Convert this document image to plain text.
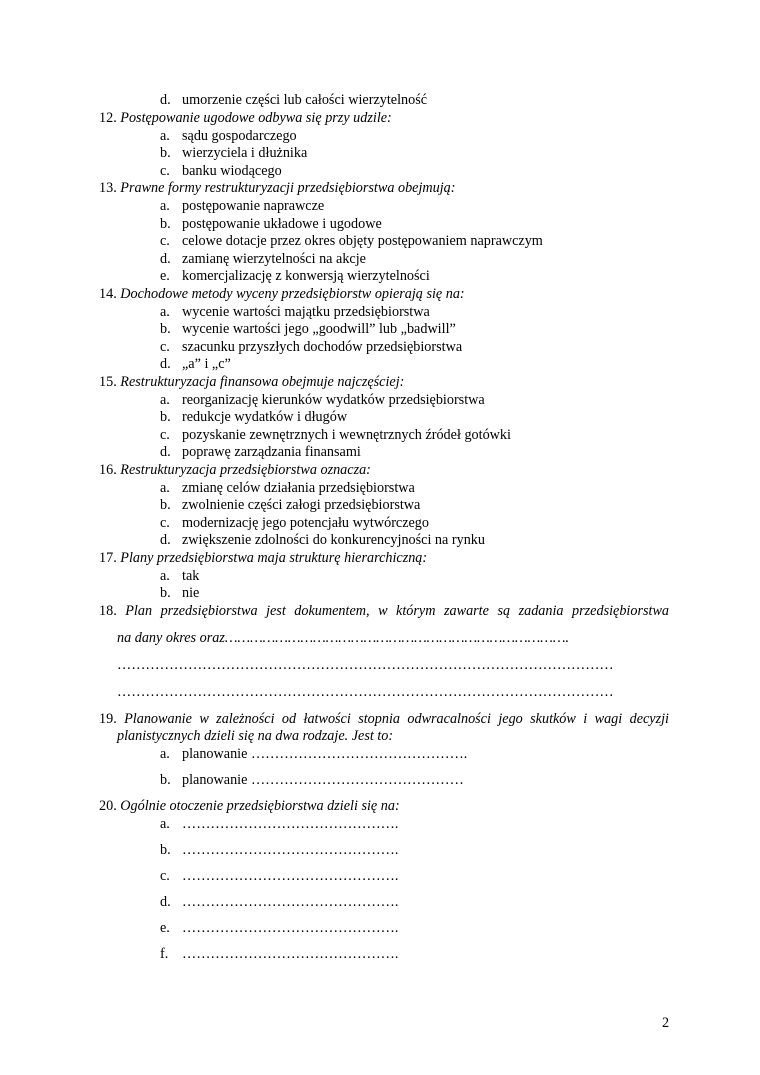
d. umorzenie części lub całości wierzytelność
12. Postępowanie ugodowe odbywa się przy udzile:
a. sądu gospodarczego
b. wierzyciela i dłużnika
c. banku wiodącego
13. Prawne formy restrukturyzacji przedsiębiorstwa obejmują:
a. postępowanie naprawcze
b. postępowanie układowe i ugodowe
c. celowe dotacje przez okres objęty postępowaniem naprawczym
d. zamianę wierzytelności na akcje
e. komercjalizację z konwersją wierzytelności
14. Dochodowe metody wyceny przedsiębiorstw opierają się na:
a. wycenie wartości majątku przedsiębiorstwa
b. wycenie wartości jego „goodwill” lub „badwill”
c. szacunku przyszłych dochodów przedsiębiorstwa
d. „a” i „c”
15. Restrukturyzacja finansowa obejmuje najczęściej:
a. reorganizację kierunków wydatków przedsiębiorstwa
b. redukcje wydatków i długów
c. pozyskanie zewnętrznych i wewnętrznych źródeł gotówki
d. poprawę zarządzania finansami
16. Restrukturyzacja przedsiębiorstwa oznacza:
a. zmianę celów działania przedsiębiorstwa
b. zwolnienie części załogi przedsiębiorstwa
c. modernizację jego potencjału wytwórczego
d. zwiększenie zdolności do konkurencyjności na rynku
17. Plany przedsiębiorstwa maja strukturę hierarchiczną:
a. tak
b. nie
18. Plan przedsiębiorstwa jest dokumentem, w którym zawarte są zadania przedsiębiorstwa
na dany okres oraz……………………………………………………………………….
……………………………………………………………………………………………
……………………………………………………………………………………………
19. Planowanie w zależności od łatwości stopnia odwracalności jego skutków i wagi decyzji
planistycznych dzieli się na dwa rodzaje. Jest to:
a. planowanie ……………………………………….
b. planowanie ………………………………………
20. Ogólnie otoczenie przedsiębiorstwa dzieli się na:
a. ……………………………………….
b. ……………………………………….
c. ……………………………………….
d. ……………………………………….
e. ……………………………………….
f. ……………………………………….
2
